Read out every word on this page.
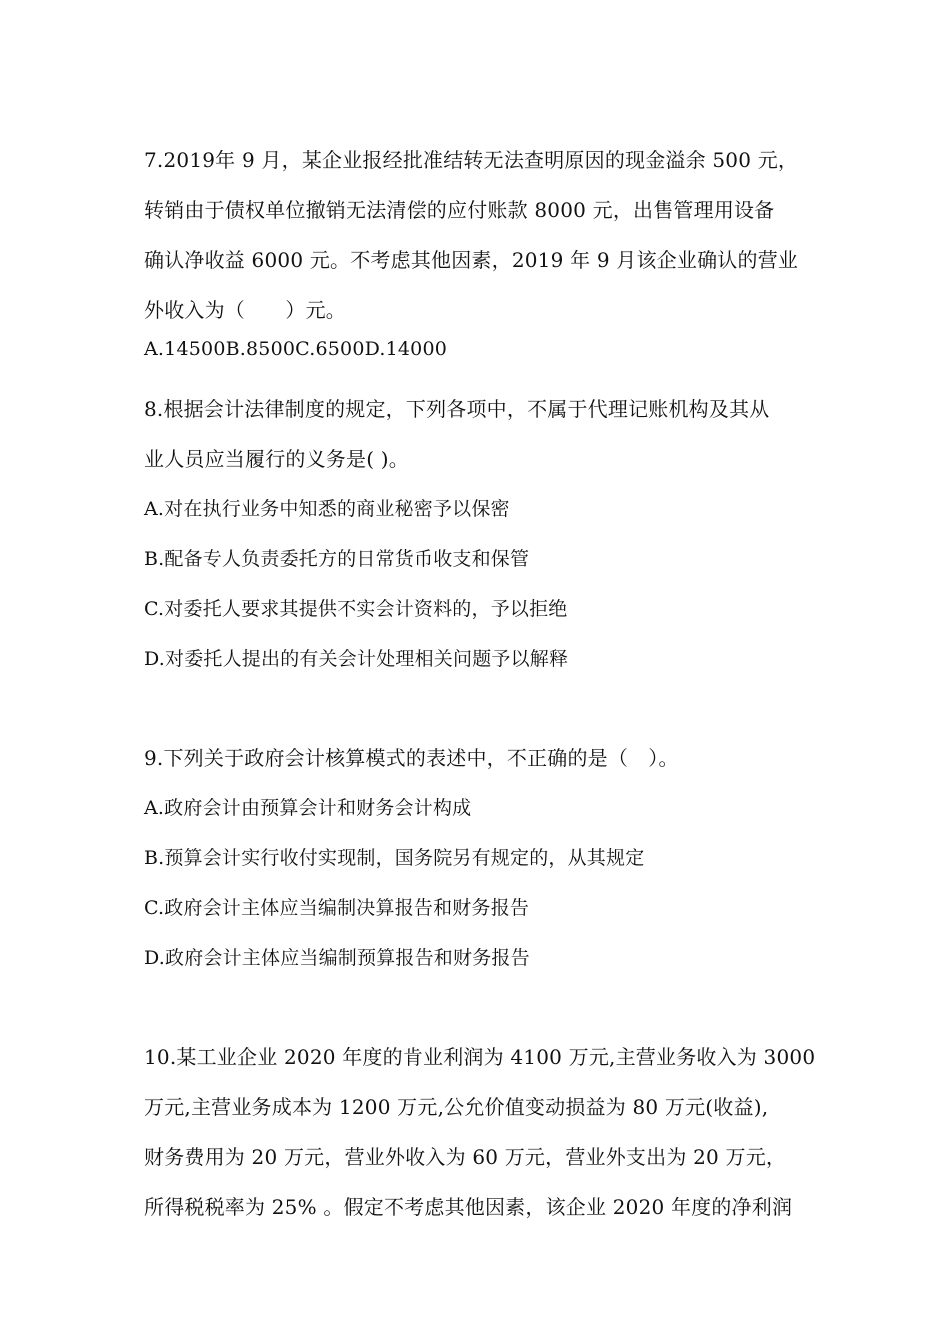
7.2019年 9 月，某企业报经批准结转无法查明原因的现金溢余 500 元，
转销由于债权单位撤销无法清偿的应付账款 8000 元，出售管理用设备
确认净收益 6000 元。不考虑其他因素，2019 年 9 月该企业确认的营业
外收入为（　　）元。
A.14500B.8500C.6500D.14000
8.根据会计法律制度的规定，下列各项中，不属于代理记账机构及其从
业人员应当履行的义务是( )。
A.对在执行业务中知悉的商业秘密予以保密
B.配备专人负责委托方的日常货币收支和保管
C.对委托人要求其提供不实会计资料的，予以拒绝
D.对委托人提出的有关会计处理相关问题予以解释
9.下列关于政府会计核算模式的表述中，不正确的是（　）。
A.政府会计由预算会计和财务会计构成
B.预算会计实行收付实现制，国务院另有规定的，从其规定
C.政府会计主体应当编制决算报告和财务报告
D.政府会计主体应当编制预算报告和财务报告
10.某工业企业 2020 年度的肯业利润为 4100 万元,主营业务收入为 3000
万元,主营业务成本为 1200 万元,公允价值变动损益为 80 万元(收益),
财务费用为 20 万元，营业外收入为 60 万元，营业外支出为 20 万元，
所得税税率为 25% 。假定不考虑其他因素，该企业 2020 年度的净利润
